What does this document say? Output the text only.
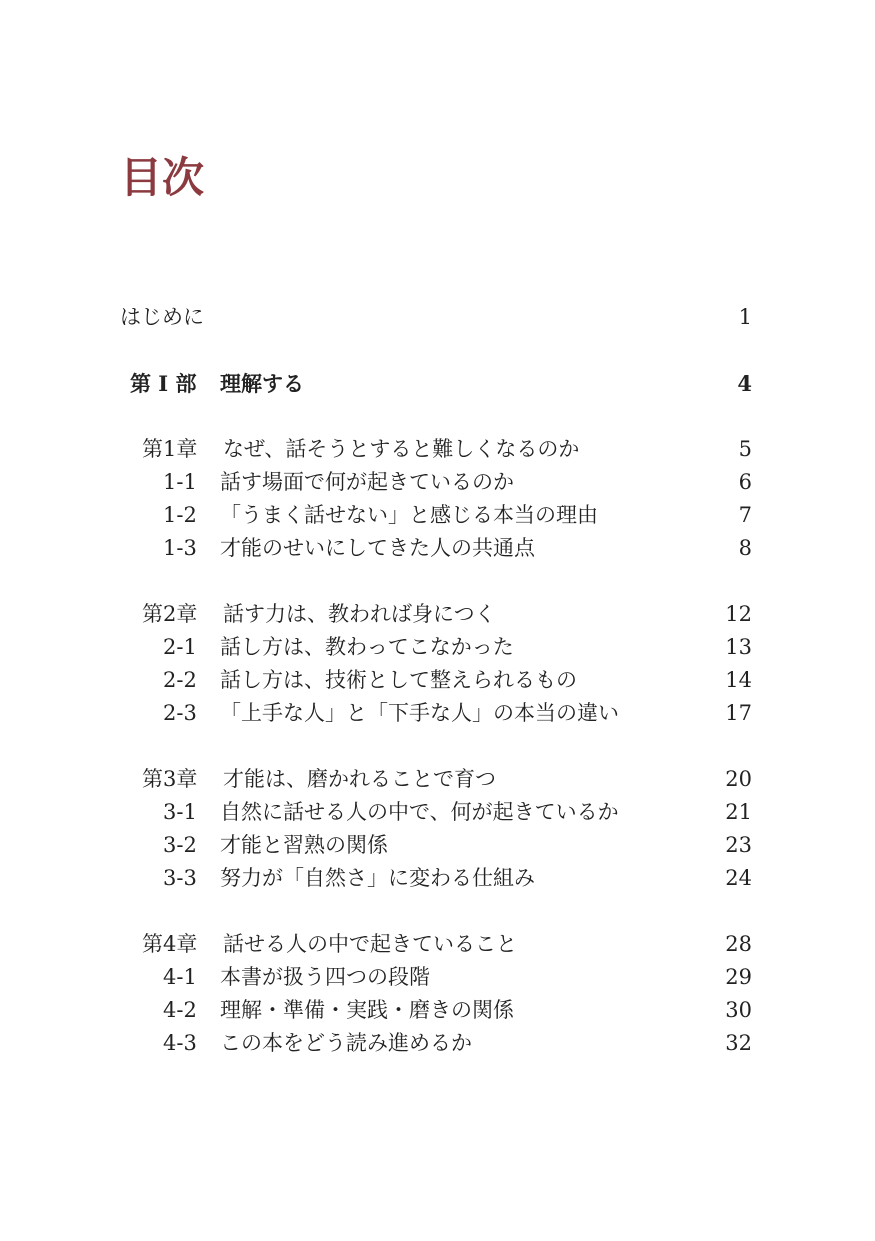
目次
はじめに	1
第 I 部 理解する	4
第1章 なぜ、話そうとすると難しくなるのか	5
1-1 話す場面で何が起きているのか	6
1-2 「うまく話せない」と感じる本当の理由	7
1-3 才能のせいにしてきた人の共通点	8
第2章 話す力は、教われば身につく	12
2-1 話し方は、教わってこなかった	13
2-2 話し方は、技術として整えられるもの	14
2-3 「上手な人」と「下手な人」の本当の違い	17
第3章 才能は、磨かれることで育つ	20
3-1 自然に話せる人の中で、何が起きているか	21
3-2 才能と習熟の関係	23
3-3 努力が「自然さ」に変わる仕組み	24
第4章 話せる人の中で起きていること	28
4-1 本書が扱う四つの段階	29
4-2 理解・準備・実践・磨きの関係	30
4-3 この本をどう読み進めるか	32
